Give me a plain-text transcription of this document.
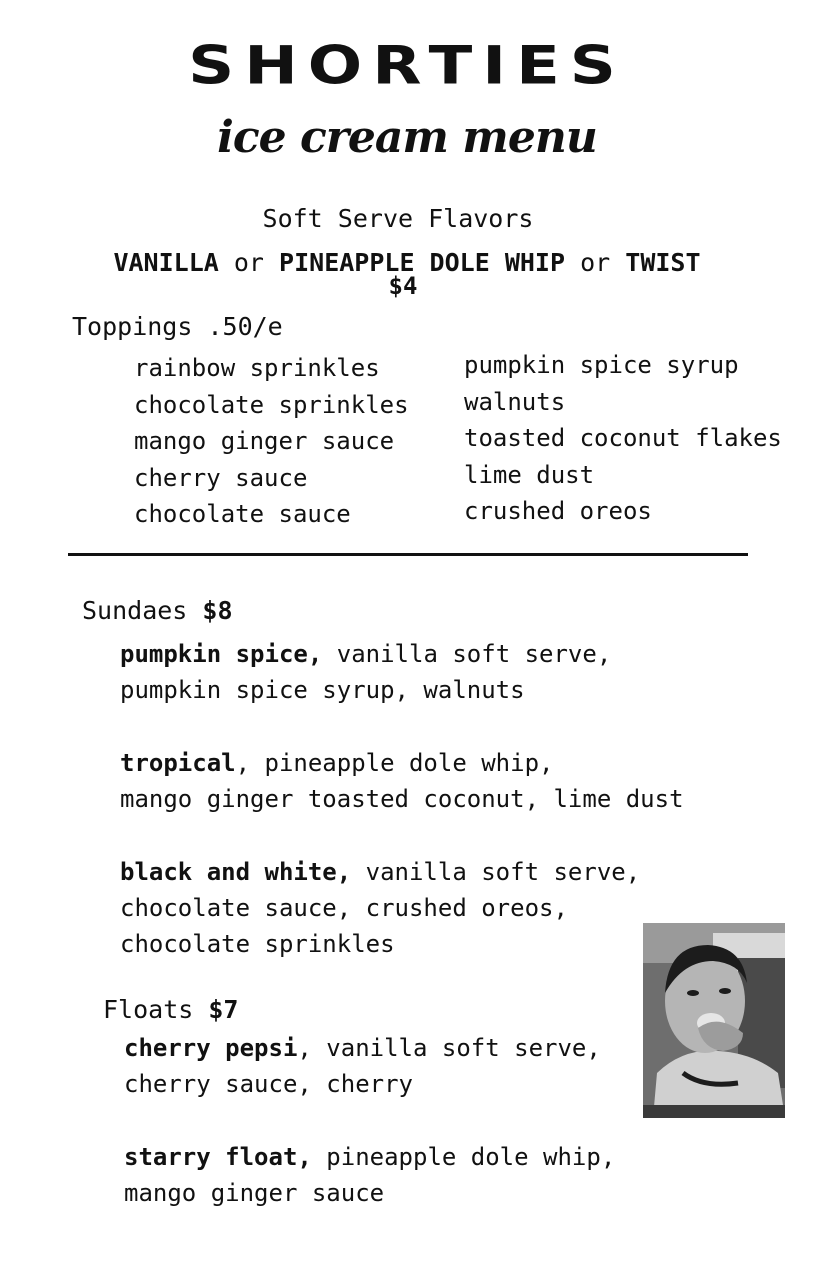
SHORTIES
ice cream menu
Soft Serve Flavors
VANILLA or PINEAPPLE DOLE WHIP or TWIST
$4
Toppings .50/e
rainbow sprinkles
chocolate sprinkles
mango ginger sauce
cherry sauce
chocolate sauce
pumpkin spice syrup
walnuts
toasted coconut flakes
lime dust
crushed oreos
Sundaes $8
pumpkin spice, vanilla soft serve,
pumpkin spice syrup, walnuts
tropical, pineapple dole whip,
mango ginger toasted coconut, lime dust
black and white, vanilla soft serve,
chocolate sauce, crushed oreos,
chocolate sprinkles
Floats $7
cherry pepsi, vanilla soft serve,
cherry sauce, cherry
starry float, pineapple dole whip,
mango ginger sauce
